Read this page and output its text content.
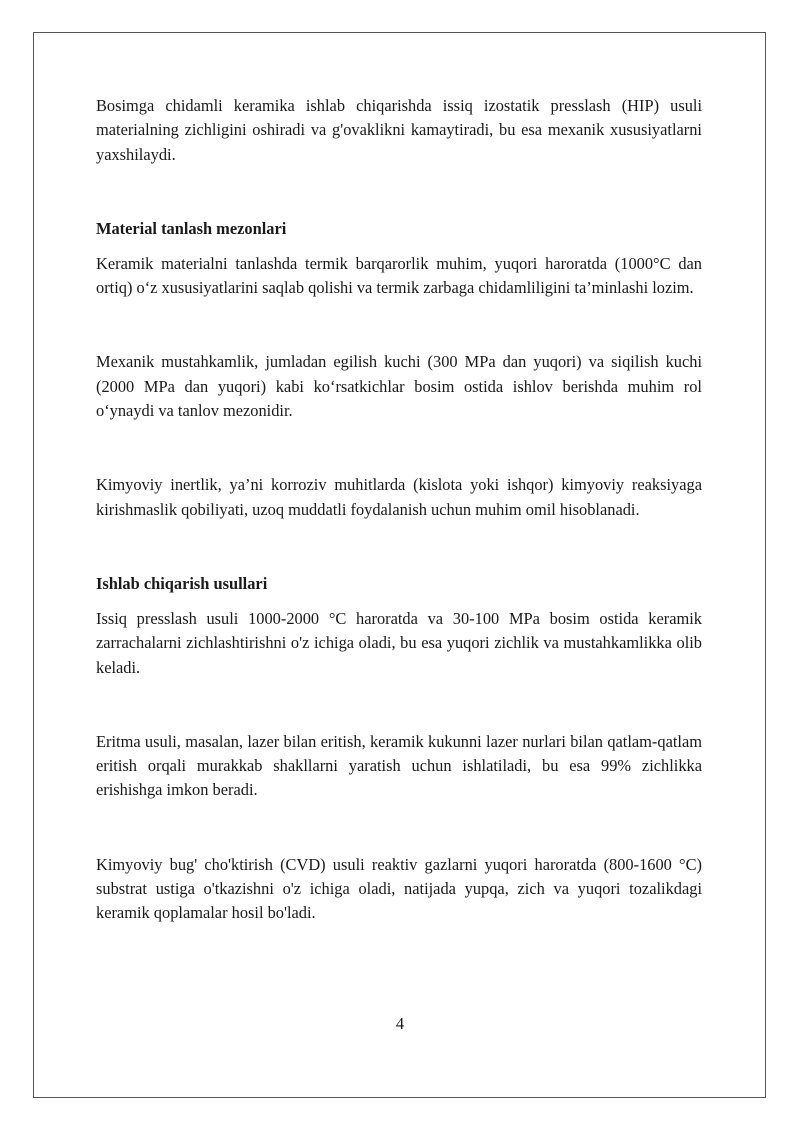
Bosimga chidamli keramika ishlab chiqarishda issiq izostatik presslash (HIP) usuli materialning zichligini oshiradi va g'ovaklikni kamaytiradi, bu esa mexanik xususiyatlarni yaxshilaydi.

Material tanlash mezonlari

Keramik materialni tanlashda termik barqarorlik muhim, yuqori haroratda (1000°C dan ortiq) o‘z xususiyatlarini saqlab qolishi va termik zarbaga chidamliligini ta’minlashi lozim.

Mexanik mustahkamlik, jumladan egilish kuchi (300 MPa dan yuqori) va siqilish kuchi (2000 MPa dan yuqori) kabi ko‘rsatkichlar bosim ostida ishlov berishda muhim rol o‘ynaydi va tanlov mezonidir.

Kimyoviy inertlik, ya’ni korroziv muhitlarda (kislota yoki ishqor) kimyoviy reaksiyaga kirishmaslik qobiliyati, uzoq muddatli foydalanish uchun muhim omil hisoblanadi.

Ishlab chiqarish usullari

Issiq presslash usuli 1000-2000 °C haroratda va 30-100 MPa bosim ostida keramik zarrachalarni zichlashtirishni o'z ichiga oladi, bu esa yuqori zichlik va mustahkamlikka olib keladi.

Eritma usuli, masalan, lazer bilan eritish, keramik kukunni lazer nurlari bilan qatlam-qatlam eritish orqali murakkab shakllarni yaratish uchun ishlatiladi, bu esa 99% zichlikka erishishga imkon beradi.

Kimyoviy bug' cho'ktirish (CVD) usuli reaktiv gazlarni yuqori haroratda (800-1600 °C) substrat ustiga o'tkazishni o'z ichiga oladi, natijada yupqa, zich va yuqori tozalikdagi keramik qoplamalar hosil bo'ladi.

4
